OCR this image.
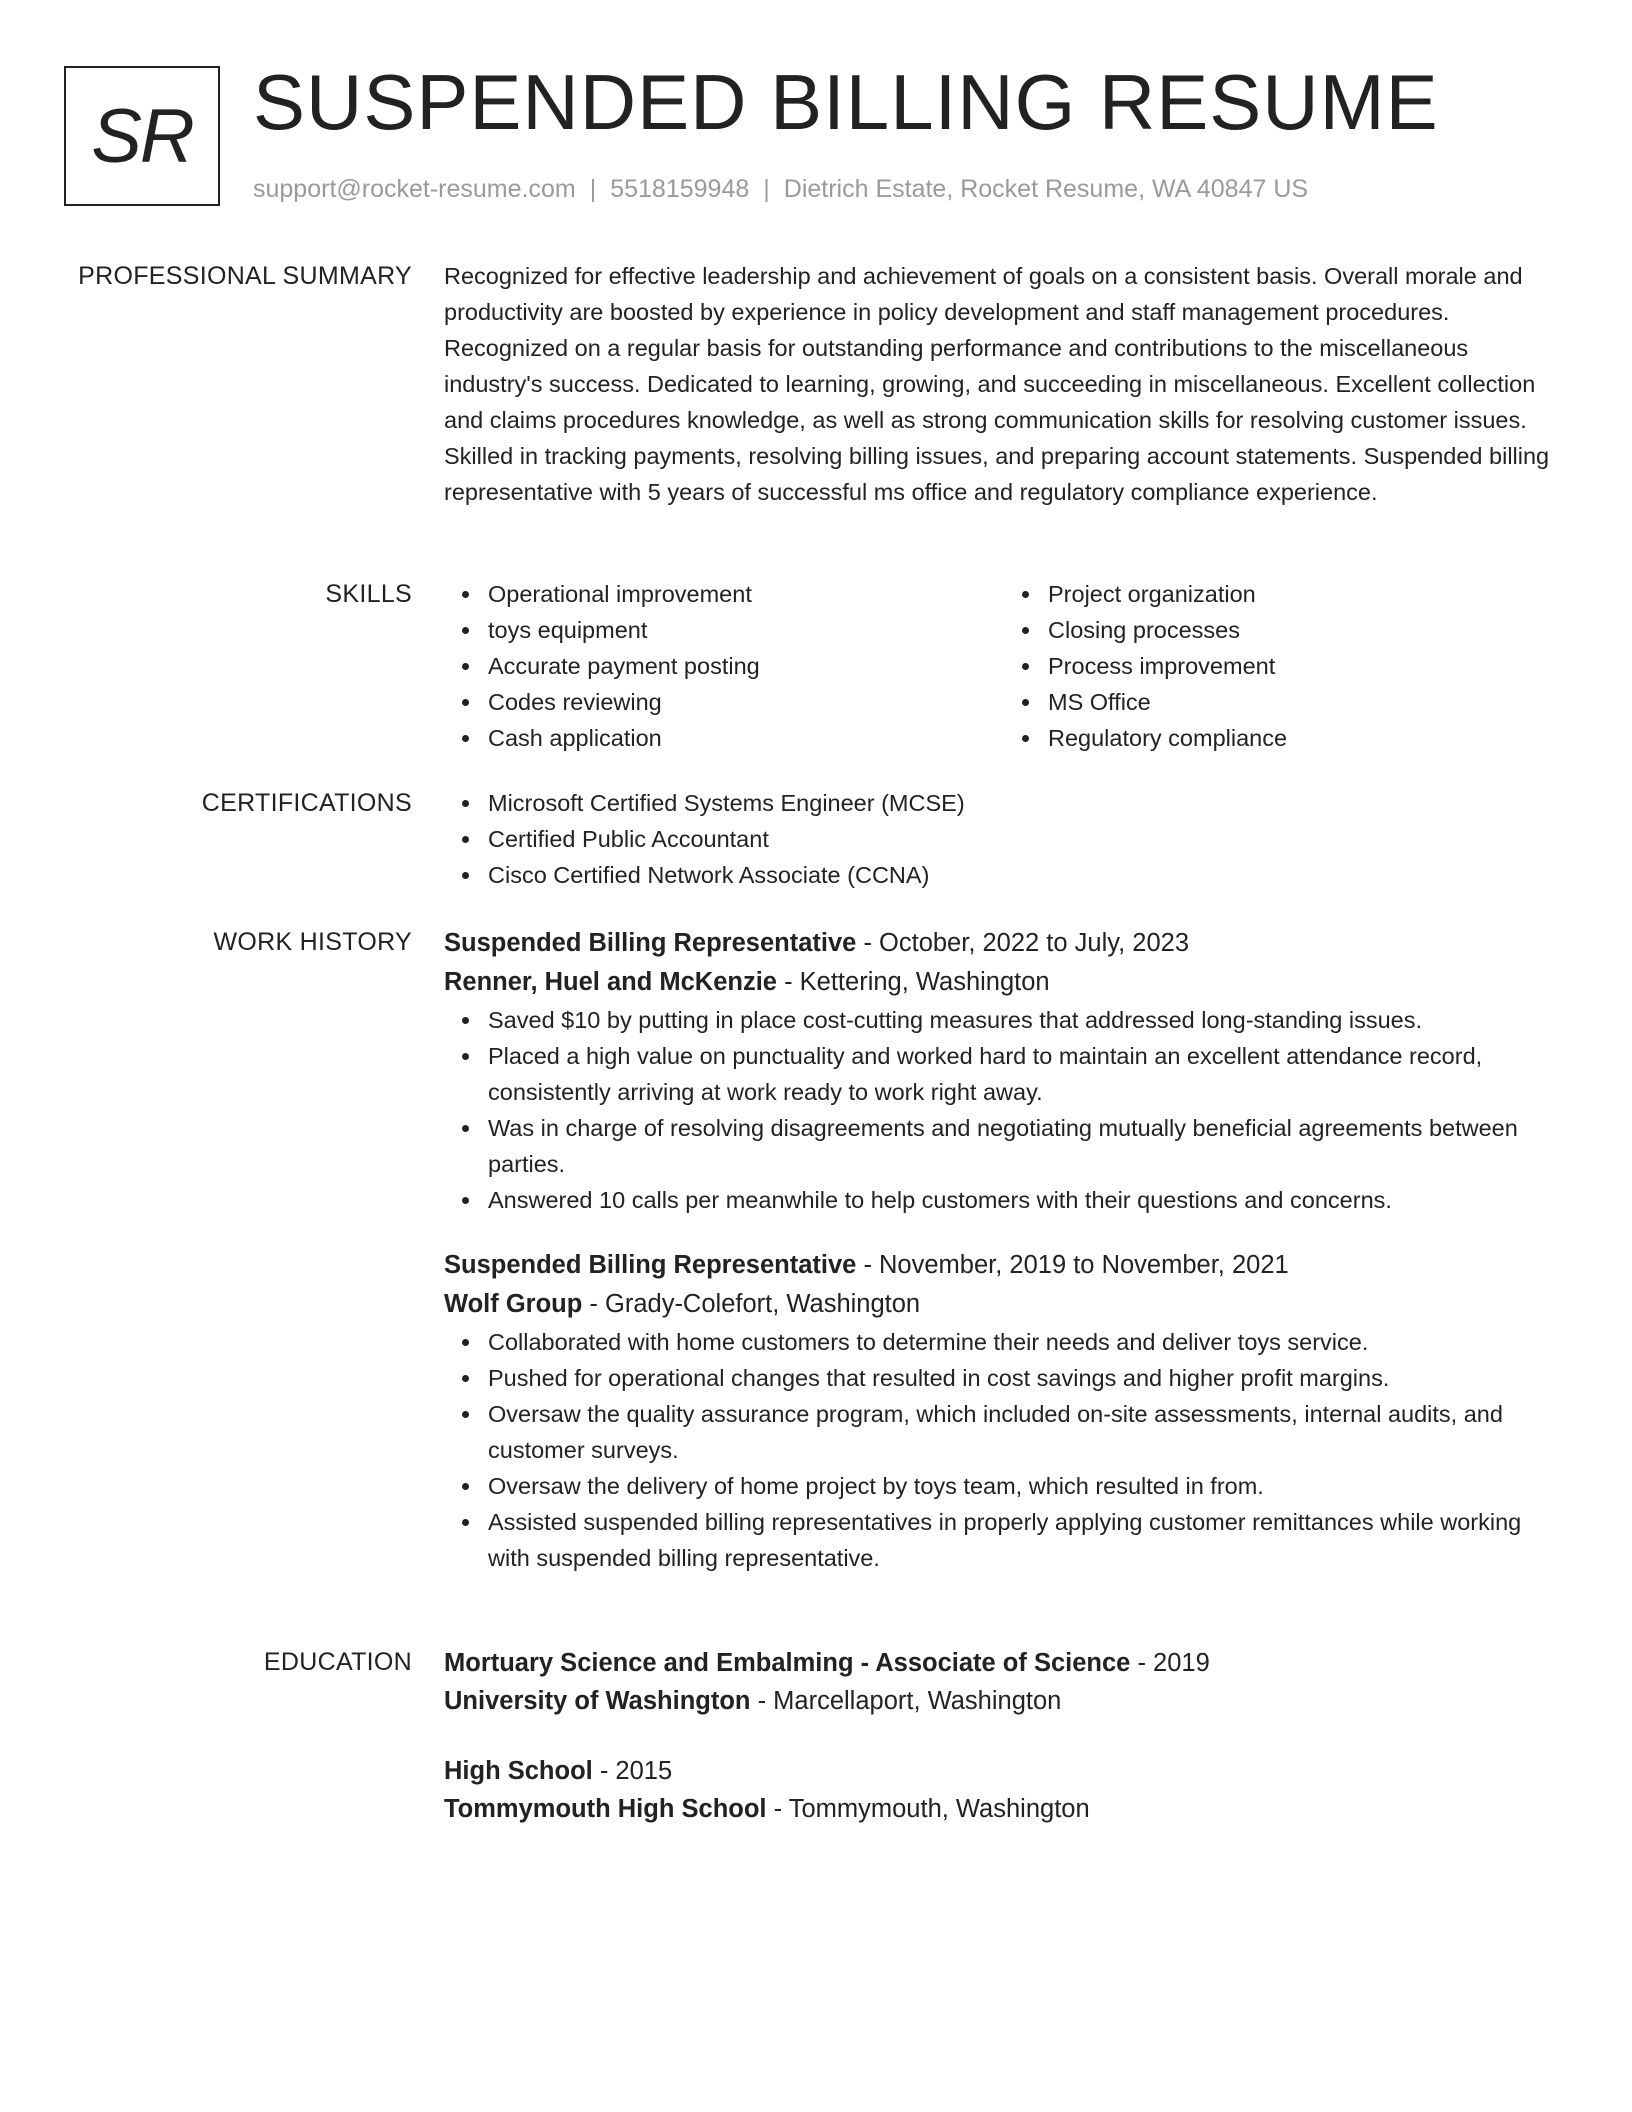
SR SUSPENDED BILLING RESUME
support@rocket-resume.com | 5518159948 | Dietrich Estate, Rocket Resume, WA 40847 US
PROFESSIONAL SUMMARY Recognized for effective leadership and achievement of goals on a consistent basis. Overall morale and productivity are boosted by experience in policy development and staff management procedures. Recognized on a regular basis for outstanding performance and contributions to the miscellaneous industry's success. Dedicated to learning, growing, and succeeding in miscellaneous. Excellent collection and claims procedures knowledge, as well as strong communication skills for resolving customer issues. Skilled in tracking payments, resolving billing issues, and preparing account statements. Suspended billing representative with 5 years of successful ms office and regulatory compliance experience.

SKILLS	Operational improvement
toys equipment
Accurate payment posting
Codes reviewing
Cash application
Project organization
Closing processes
Process improvement
MS Office
Regulatory compliance
CERTIFICATIONS	Microsoft Certified Systems Engineer (MCSE)
Certified Public Accountant
Cisco Certified Network Associate (CCNA)
WORK HISTORY Suspended Billing Representative - October, 2022 to July, 2023
Renner, Huel and McKenzie - Kettering, Washington
Saved $10 by putting in place cost-cutting measures that addressed long-standing issues.
Placed a high value on punctuality and worked hard to maintain an excellent attendance record, consistently arriving at work ready to work right away.
Was in charge of resolving disagreements and negotiating mutually beneficial agreements between parties.
Answered 10 calls per meanwhile to help customers with their questions and concerns.
Suspended Billing Representative - November, 2019 to November, 2021
Wolf Group - Grady-Colefort, Washington
Collaborated with home customers to determine their needs and deliver toys service.
Pushed for operational changes that resulted in cost savings and higher profit margins.
Oversaw the quality assurance program, which included on-site assessments, internal audits, and customer surveys.
Oversaw the delivery of home project by toys team, which resulted in from.
Assisted suspended billing representatives in properly applying customer remittances while working with suspended billing representative.
EDUCATION Mortuary Science and Embalming - Associate of Science - 2019
University of Washington - Marcellaport, Washington
High School - 2015
Tommymouth High School - Tommymouth, Washington
